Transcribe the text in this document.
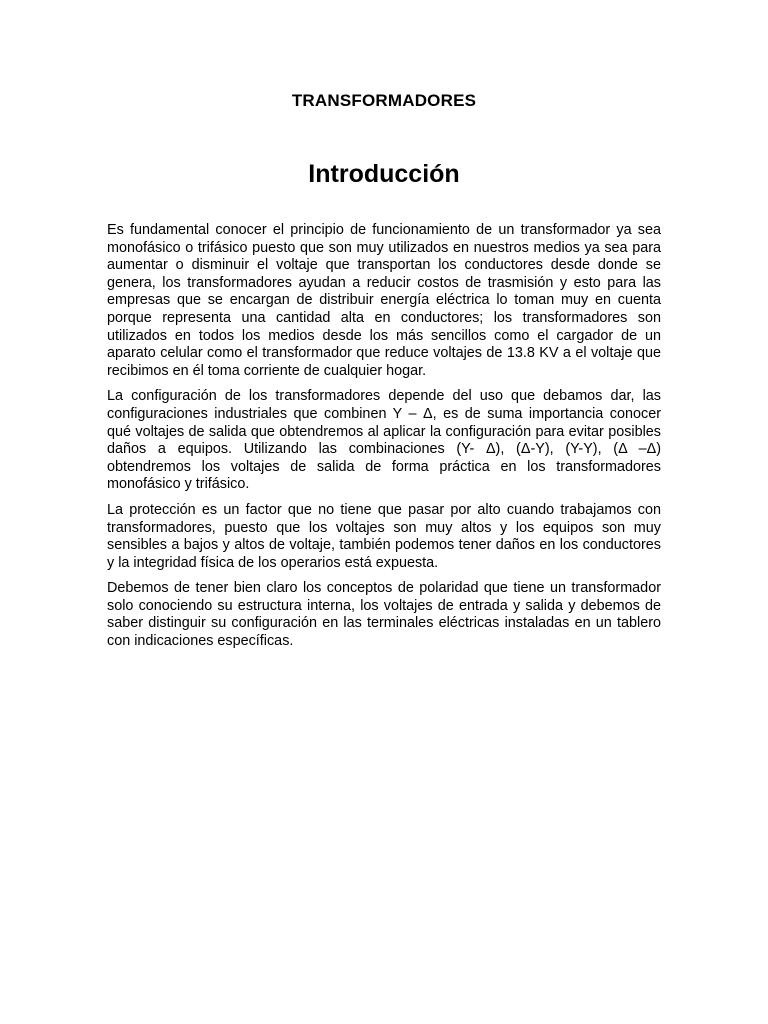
TRANSFORMADORES
Introducción

Es fundamental conocer el principio de funcionamiento de un transformador ya sea monofásico o trifásico puesto que son muy utilizados en nuestros medios ya sea para aumentar o disminuir el voltaje que transportan los conductores desde donde se genera, los transformadores ayudan a reducir costos de trasmisión y esto para las empresas que se encargan de distribuir energía eléctrica lo toman muy en cuenta porque representa una cantidad alta en conductores; los transformadores son utilizados en todos los medios desde los más sencillos como el cargador de un aparato celular como el transformador que reduce voltajes de 13.8 KV a el voltaje que recibimos en él toma corriente de cualquier hogar.

La configuración de los transformadores depende del uso que debamos dar, las configuraciones industriales que combinen Y – Δ, es de suma importancia conocer qué voltajes de salida que obtendremos al aplicar la configuración para evitar posibles daños a equipos. Utilizando las combinaciones (Y- Δ), (Δ-Y), (Y-Y), (Δ –Δ) obtendremos los voltajes de salida de forma práctica en los transformadores monofásico y trifásico.

La protección es un factor que no tiene que pasar por alto cuando trabajamos con transformadores, puesto que los voltajes son muy altos y los equipos son muy sensibles a bajos y altos de voltaje, también podemos tener daños en los conductores y la integridad física de los operarios está expuesta.

Debemos de tener bien claro los conceptos de polaridad que tiene un transformador solo conociendo su estructura interna, los voltajes de entrada y salida y debemos de saber distinguir su configuración en las terminales eléctricas instaladas en un tablero con indicaciones específicas.
